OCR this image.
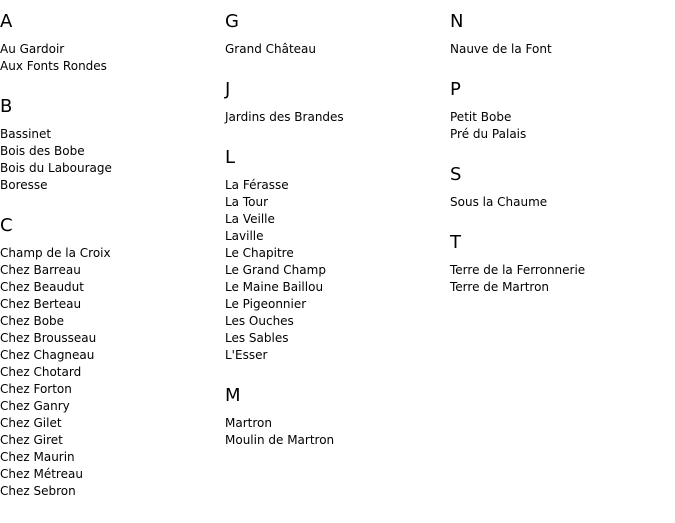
A
Au Gardoir
Aux Fonts Rondes
B
Bassinet
Bois des Bobe
Bois du Labourage
Boresse
C
Champ de la Croix
Chez Barreau
Chez Beaudut
Chez Berteau
Chez Bobe
Chez Brousseau
Chez Chagneau
Chez Chotard
Chez Forton
Chez Ganry
Chez Gilet
Chez Giret
Chez Maurin
Chez Métreau
Chez Sebron
G
Grand Château
J
Jardins des Brandes
L
La Férasse
La Tour
La Veille
Laville
Le Chapitre
Le Grand Champ
Le Maine Baillou
Le Pigeonnier
Les Ouches
Les Sables
L'Esser
M
Martron
Moulin de Martron
N
Nauve de la Font
P
Petit Bobe
Pré du Palais
S
Sous la Chaume
T
Terre de la Ferronnerie
Terre de Martron
